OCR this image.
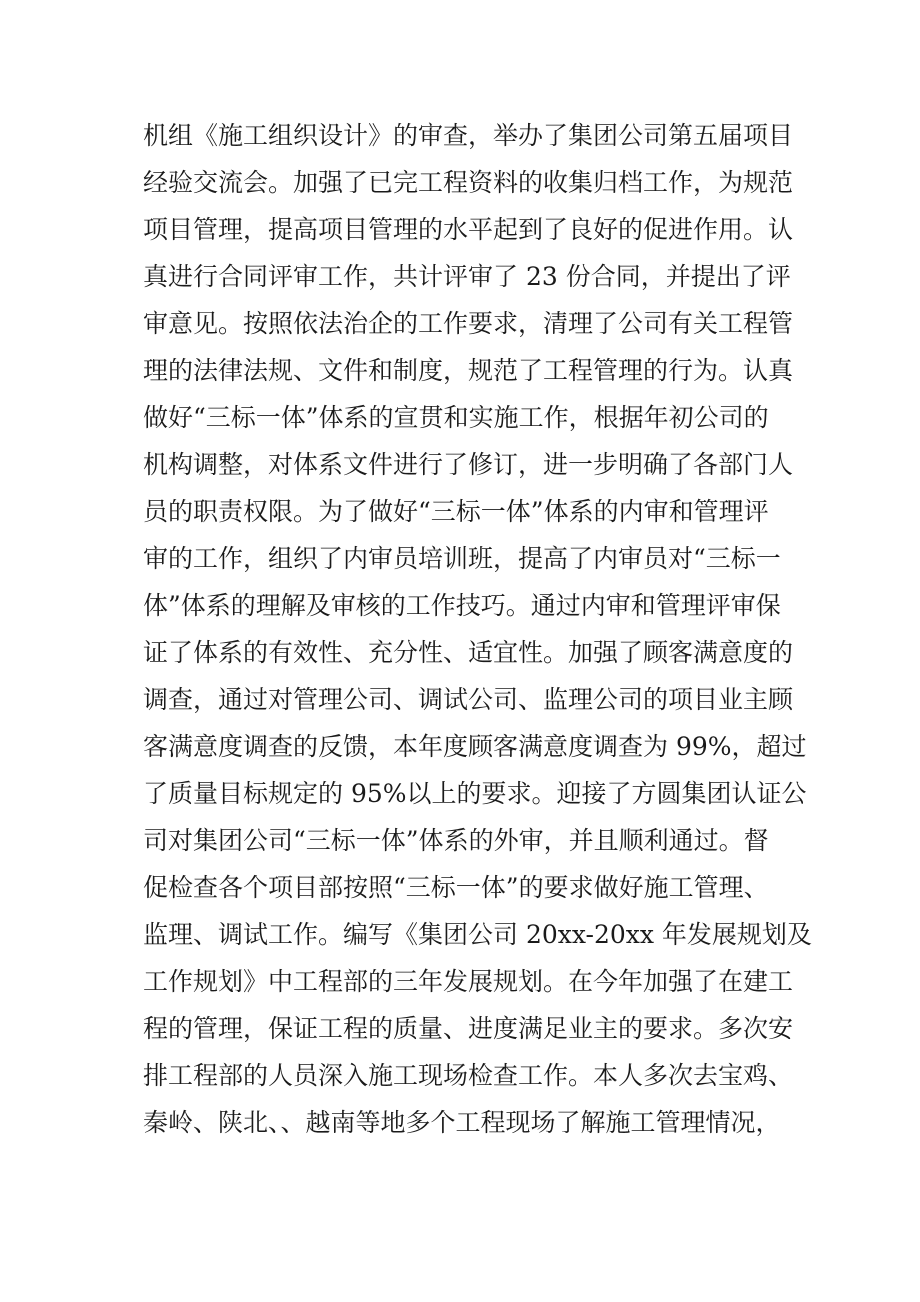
机组《施工组织设计》的审查，举办了集团公司第五届项目
经验交流会。加强了已完工程资料的收集归档工作，为规范
项目管理，提高项目管理的水平起到了良好的促进作用。认
真进行合同评审工作，共计评审了 23 份合同，并提出了评
审意见。按照依法治企的工作要求，清理了公司有关工程管
理的法律法规、文件和制度，规范了工程管理的行为。认真
做好“三标一体”体系的宣贯和实施工作，根据年初公司的
机构调整，对体系文件进行了修订，进一步明确了各部门人
员的职责权限。为了做好“三标一体”体系的内审和管理评
审的工作，组织了内审员培训班，提高了内审员对“三标一
体”体系的理解及审核的工作技巧。通过内审和管理评审保
证了体系的有效性、充分性、适宜性。加强了顾客满意度的
调查，通过对管理公司、调试公司、监理公司的项目业主顾
客满意度调查的反馈，本年度顾客满意度调查为 99%，超过
了质量目标规定的 95%以上的要求。迎接了方圆集团认证公
司对集团公司“三标一体”体系的外审，并且顺利通过。督
促检查各个项目部按照“三标一体”的要求做好施工管理、
监理、调试工作。编写《集团公司 20xx-20xx 年发展规划及
工作规划》中工程部的三年发展规划。在今年加强了在建工
程的管理，保证工程的质量、进度满足业主的要求。多次安
排工程部的人员深入施工现场检查工作。本人多次去宝鸡、
秦岭、陕北、、越南等地多个工程现场了解施工管理情况，
